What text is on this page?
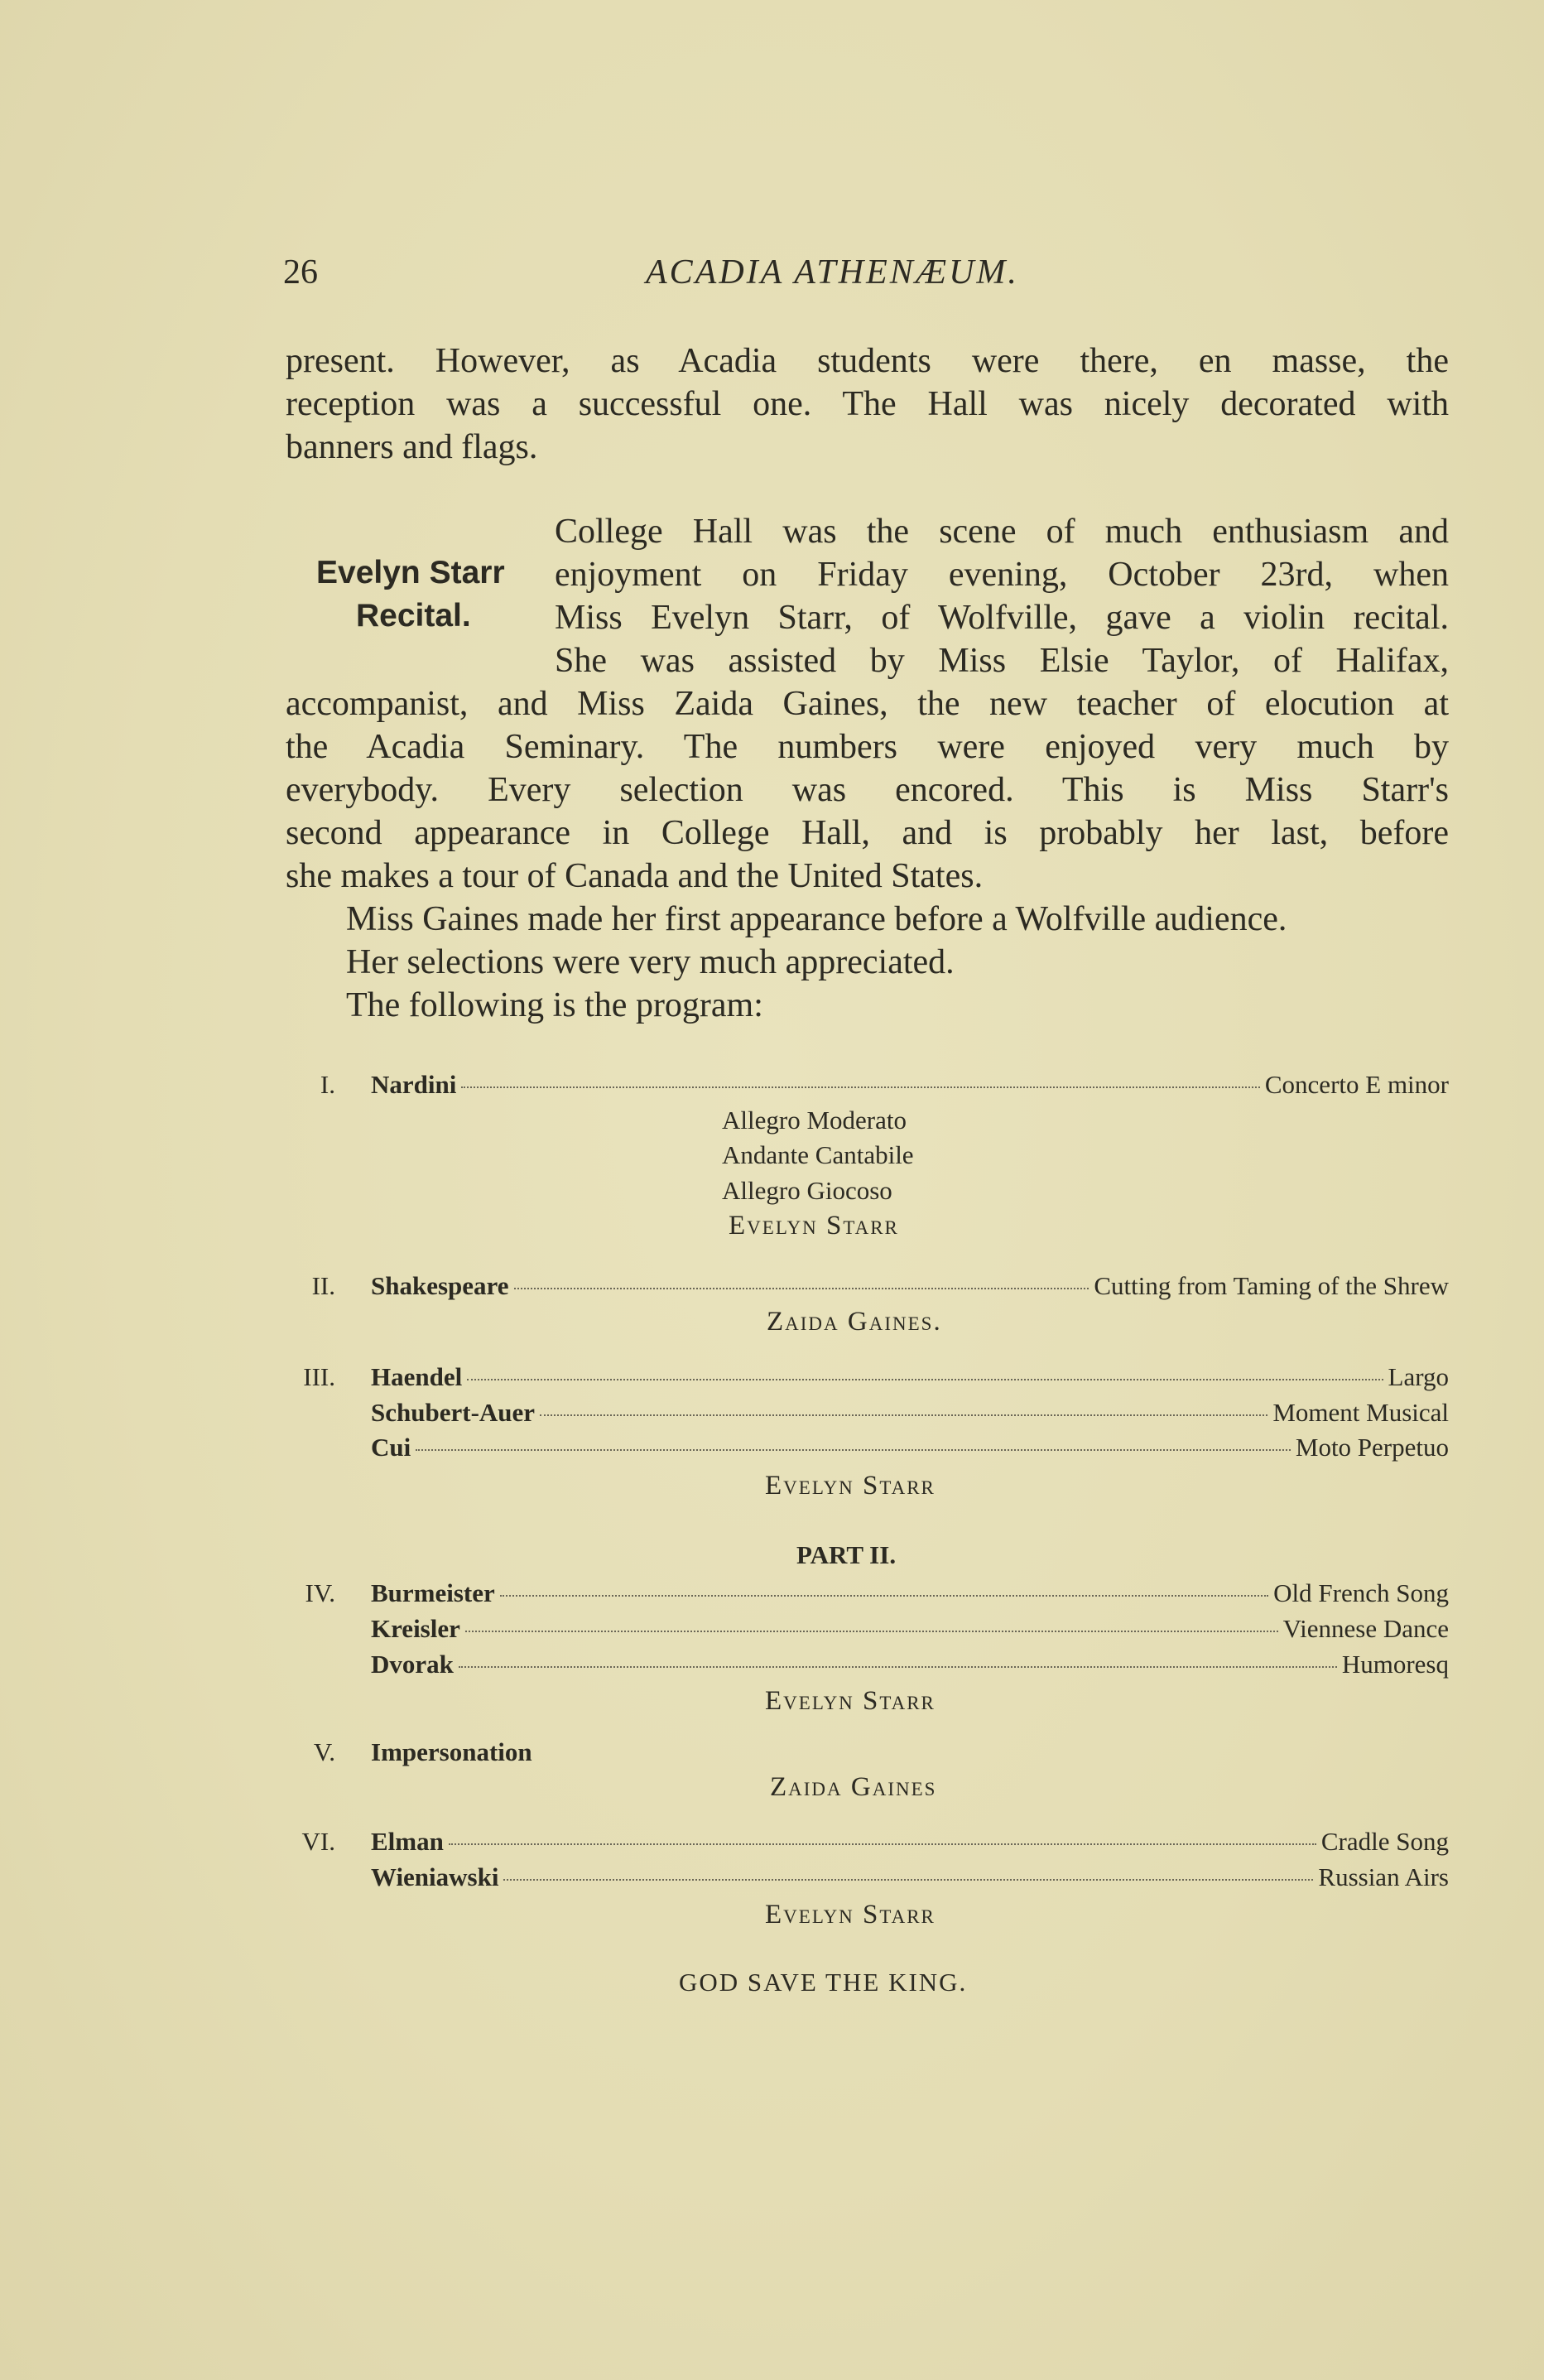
26	ACADIA ATHENÆUM.
present. However, as Acadia students were there, en masse, the
reception was a successful one. The Hall was nicely decorated with
banners and flags.
Evelyn Starr
Recital.
College Hall was the scene of much enthusiasm and
enjoyment on Friday evening, October 23rd, when
Miss Evelyn Starr, of Wolfville, gave a violin recital.
She was assisted by Miss Elsie Taylor, of Halifax,
accompanist, and Miss Zaida Gaines, the new teacher of elocution at
the Acadia Seminary. The numbers were enjoyed very much by
everybody. Every selection was encored. This is Miss Starr's
second appearance in College Hall, and is probably her last, before
she makes a tour of Canada and the United States.
Miss Gaines made her first appearance before a Wolfville audience.
Her selections were very much appreciated.
The following is the program:
I. Nardini	Concerto E minor
Allegro Moderato
Andante Cantabile
Allegro Giocoso
Evelyn Starr
II. Shakespeare	Cutting from Taming of the Shrew
Zaida Gaines.
III. Haendel	Largo
Schubert-Auer	Moment Musical
Cui	Moto Perpetuo
Evelyn Starr
PART II.
IV. Burmeister	Old French Song
Kreisler	Viennese Dance
Dvorak	Humoresq
Evelyn Starr
V. Impersonation
Zaida Gaines
VI. Elman	Cradle Song
Wieniawski	Russian Airs
Evelyn Starr
GOD SAVE THE KING.
